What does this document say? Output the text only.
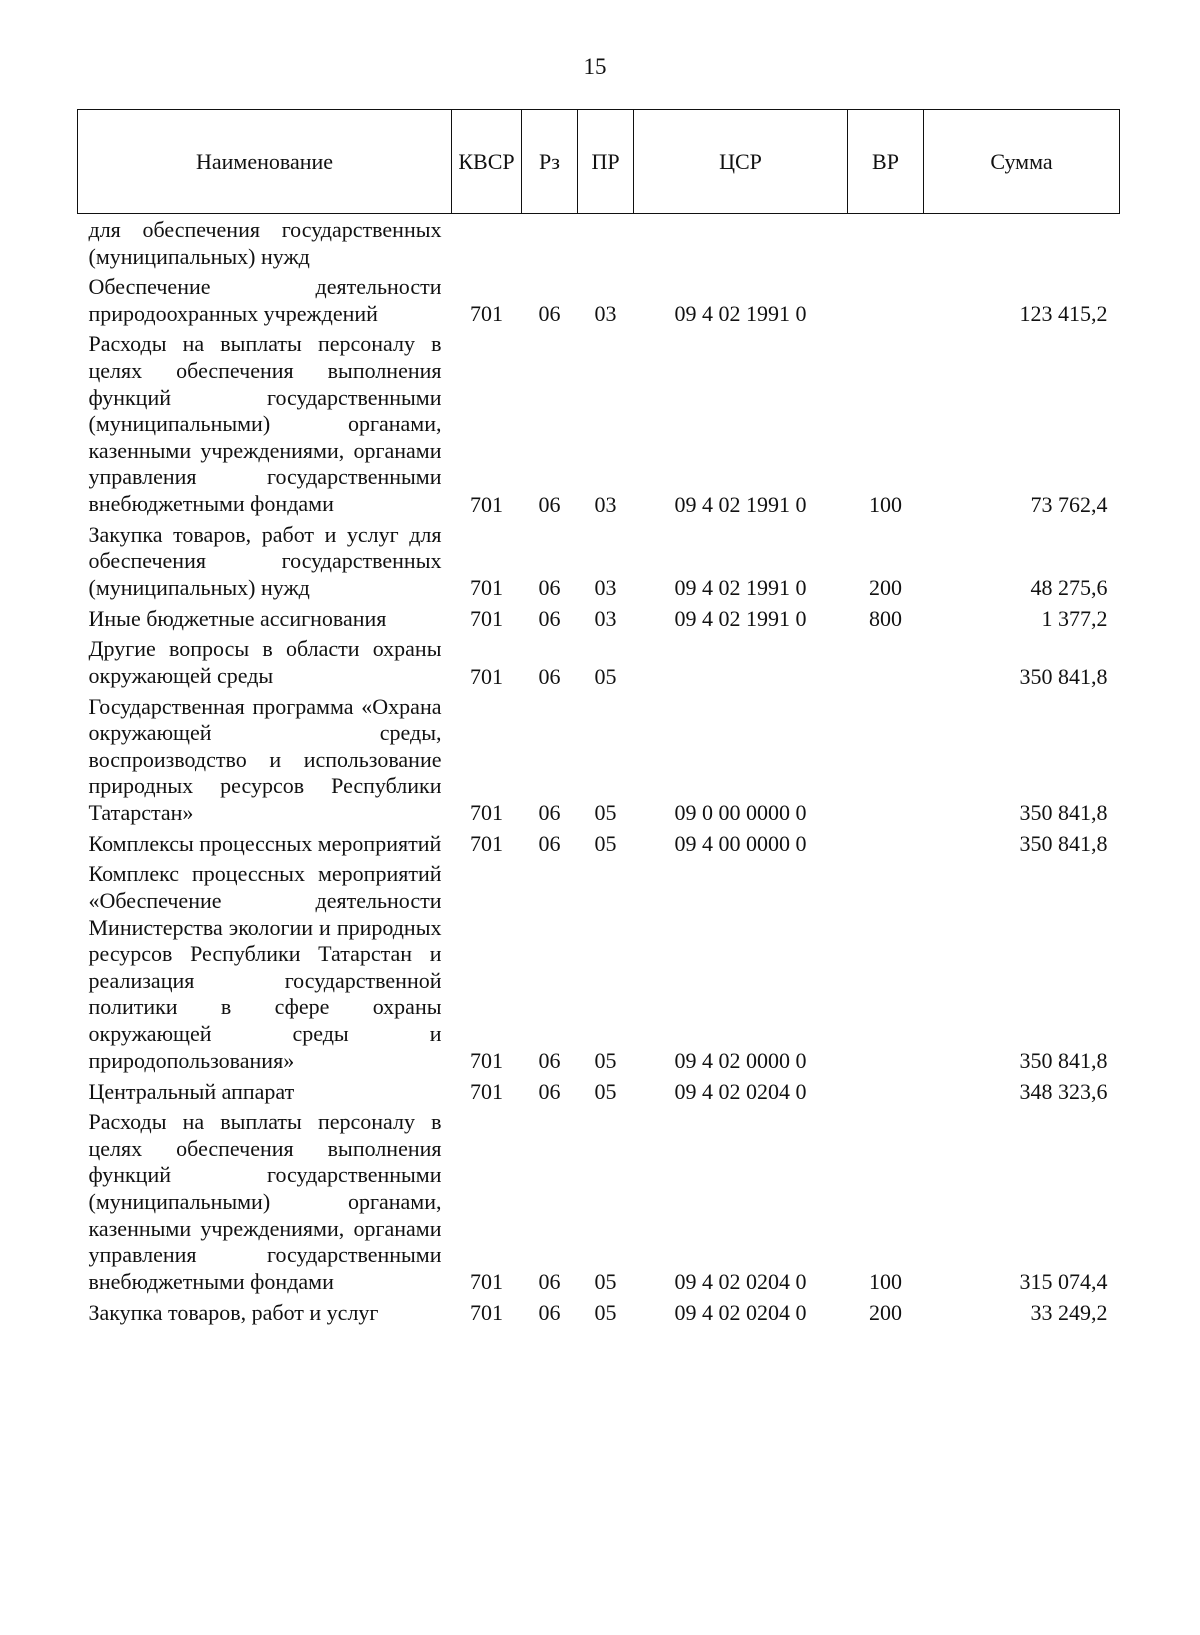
15
Наименование	КВСР	Рз	ПР	ЦСР	ВР	Сумма
для обеспечения государственных (муниципальных) нужд						
Обеспечение деятельности природоохранных учреждений	701	06	03	09 4 02 1991 0		123 415,2
Расходы на выплаты персоналу в целях обеспечения выполнения функций государственными (муниципальными) органами, казенными учреждениями, органами управления государственными внебюджетными фондами	701	06	03	09 4 02 1991 0	100	73 762,4
Закупка товаров, работ и услуг для обеспечения государственных (муниципальных) нужд	701	06	03	09 4 02 1991 0	200	48 275,6
Иные бюджетные ассигнования	701	06	03	09 4 02 1991 0	800	1 377,2
Другие вопросы в области охраны окружающей среды	701	06	05			350 841,8
Государственная программа «Охрана окружающей среды, воспроизводство и использование природных ресурсов Республики Татарстан»	701	06	05	09 0 00 0000 0		350 841,8
Комплексы процессных мероприятий	701	06	05	09 4 00 0000 0		350 841,8
Комплекс процессных мероприятий «Обеспечение деятельности Министерства экологии и природных ресурсов Республики Татарстан и реализация государственной политики в сфере охраны окружающей среды и природопользования»	701	06	05	09 4 02 0000 0		350 841,8
Центральный аппарат	701	06	05	09 4 02 0204 0		348 323,6
Расходы на выплаты персоналу в целях обеспечения выполнения функций государственными (муниципальными) органами, казенными учреждениями, органами управления государственными внебюджетными фондами	701	06	05	09 4 02 0204 0	100	315 074,4
Закупка товаров, работ и услуг	701	06	05	09 4 02 0204 0	200	33 249,2
